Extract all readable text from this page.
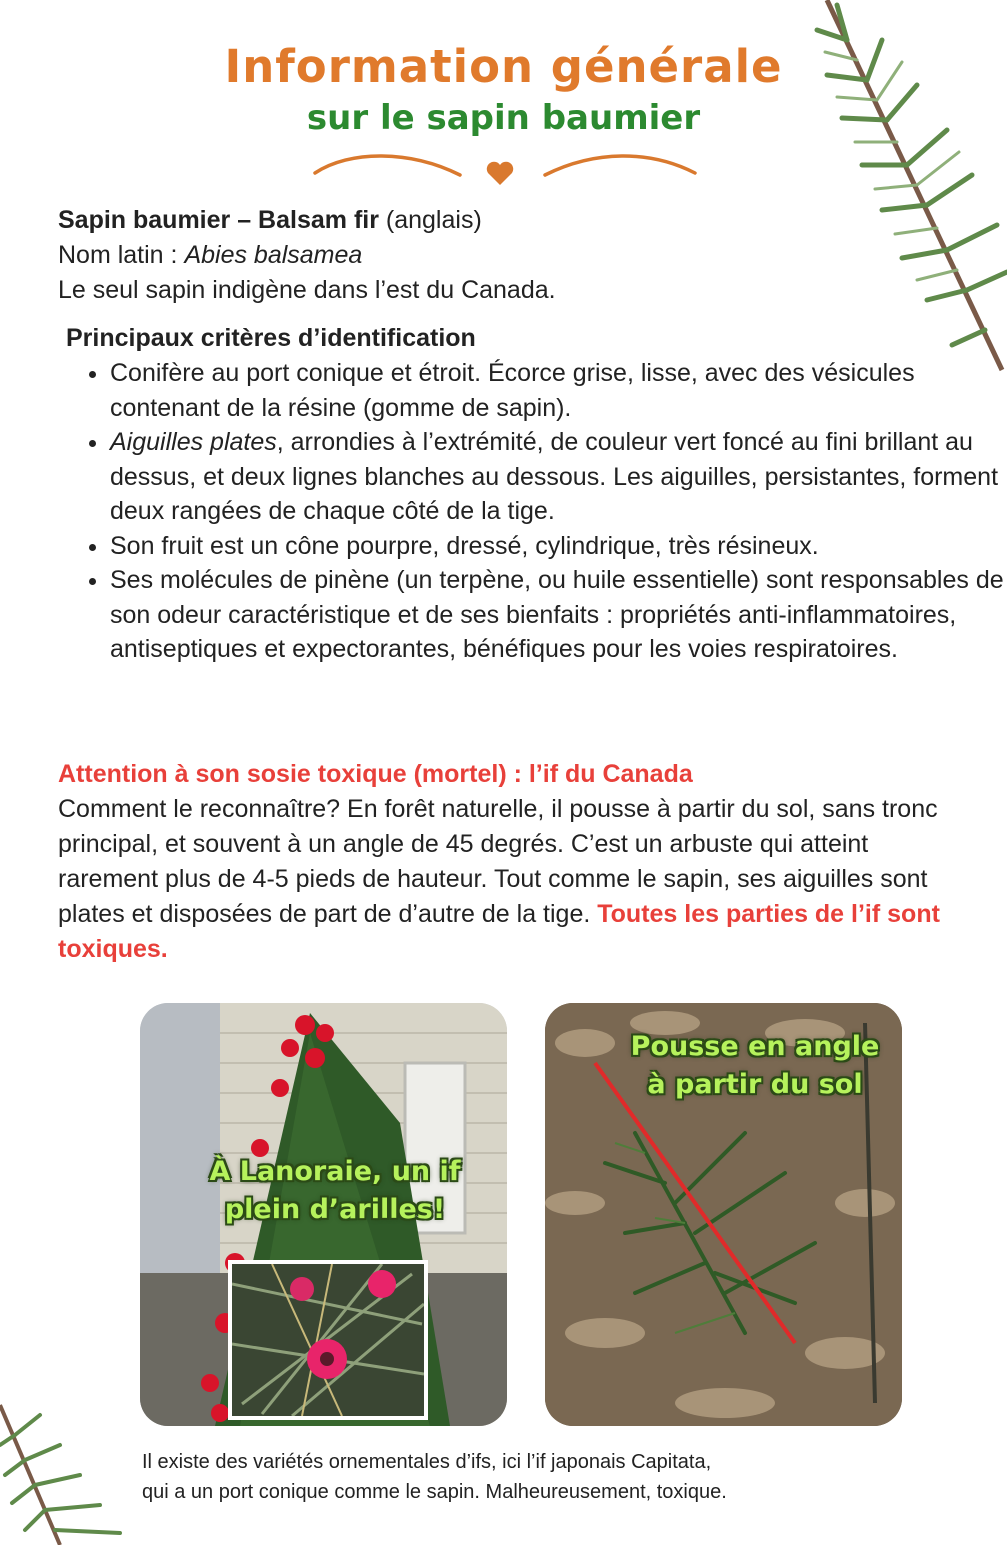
Information générale
sur le sapin baumier

Sapin baumier – Balsam fir (anglais)

Nom latin : Abies balsamea

Le seul sapin indigène dans l’est du Canada.

Principaux critères d’identification
• Conifère au port conique et étroit. Écorce grise, lisse, avec des vésicules contenant de la résine (gomme de sapin).
• Aiguilles plates, arrondies à l’extrémité, de couleur vert foncé au fini brillant au dessus, et deux lignes blanches au dessous. Les aiguilles, persistantes, forment deux rangées de chaque côté de la tige.
• Son fruit est un cône pourpre, dressé, cylindrique, très résineux.
• Ses molécules de pinène (un terpène, ou huile essentielle) sont responsables de son odeur caractéristique et de ses bienfaits : propriétés anti-inflammatoires, antiseptiques et expectorantes, bénéfiques pour les voies respiratoires.

Attention à son sosie toxique (mortel) : l’if du Canada

Comment le reconnaître? En forêt naturelle, il pousse à partir du sol, sans tronc principal, et souvent à un angle de 45 degrés. C’est un arbuste qui atteint rarement plus de 4-5 pieds de hauteur. Tout comme le sapin, ses aiguilles sont plates et disposées de part de d’autre de la tige. Toutes les parties de l’if sont toxiques.

À Lanoraie, un if
plein d’arilles!
Pousse en angle
à partir du sol

Il existe des variétés ornementales d’ifs, ici l’if japonais Capitata,

qui a un port conique comme le sapin. Malheureusement, toxique.
